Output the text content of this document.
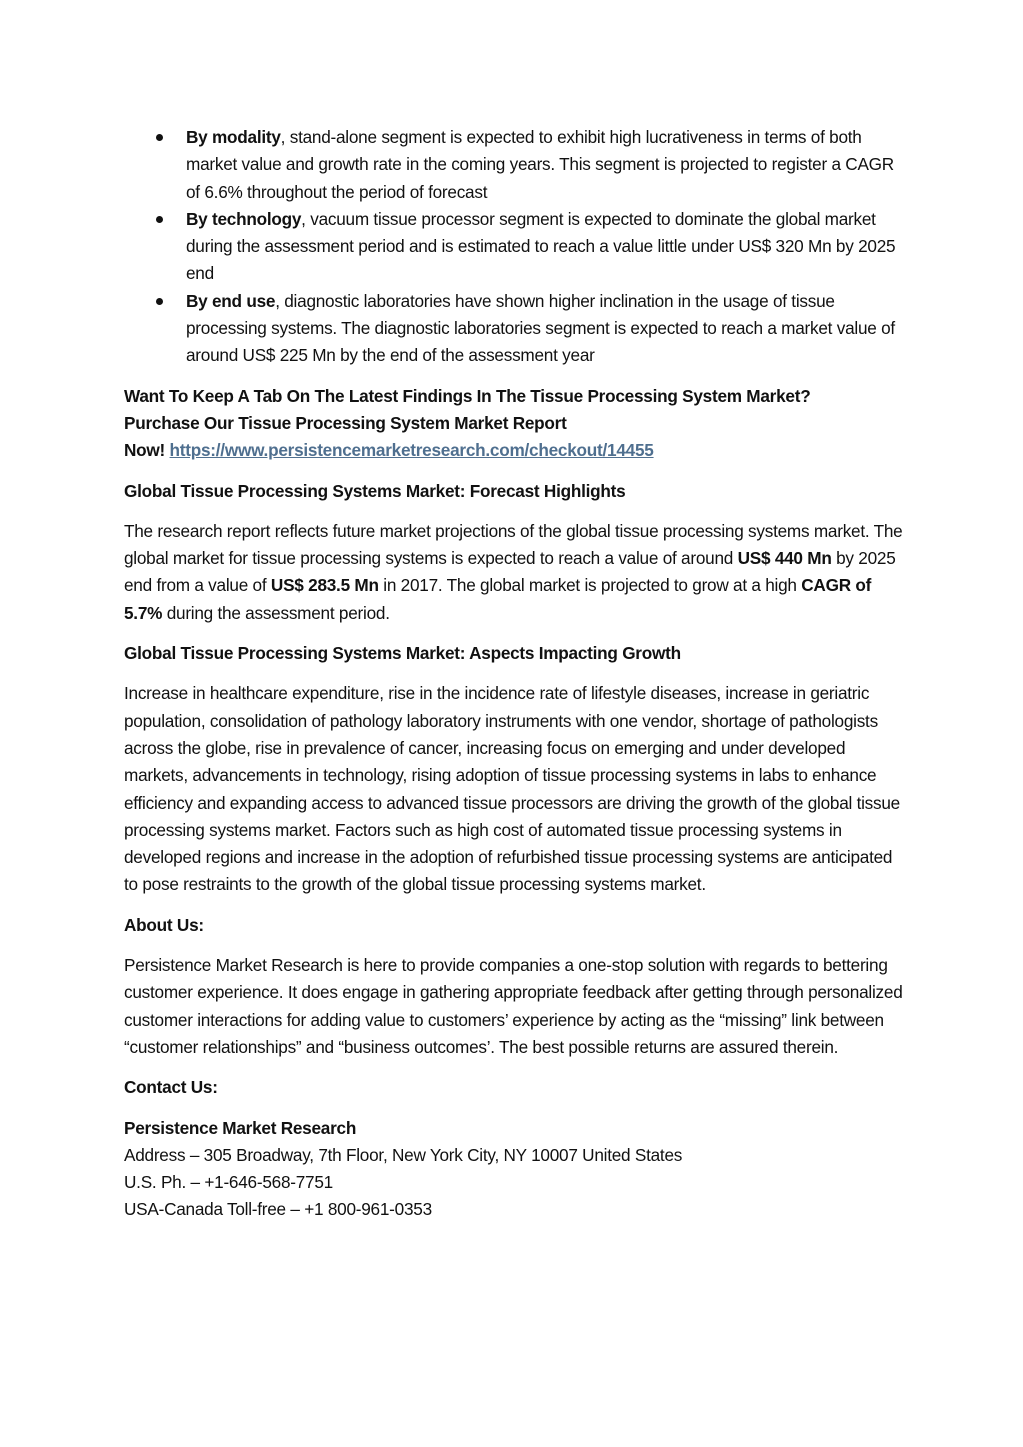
By modality, stand-alone segment is expected to exhibit high lucrativeness in terms of both market value and growth rate in the coming years. This segment is projected to register a CAGR of 6.6% throughout the period of forecast
By technology, vacuum tissue processor segment is expected to dominate the global market during the assessment period and is estimated to reach a value little under US$ 320 Mn by 2025 end
By end use, diagnostic laboratories have shown higher inclination in the usage of tissue processing systems. The diagnostic laboratories segment is expected to reach a market value of around US$ 225 Mn by the end of the assessment year

Want To Keep A Tab On The Latest Findings In The Tissue Processing System Market?
Purchase Our Tissue Processing System Market Report
Now! https://www.persistencemarketresearch.com/checkout/14455

Global Tissue Processing Systems Market: Forecast Highlights

The research report reflects future market projections of the global tissue processing systems market. The global market for tissue processing systems is expected to reach a value of around US$ 440 Mn by 2025 end from a value of US$ 283.5 Mn in 2017. The global market is projected to grow at a high CAGR of 5.7% during the assessment period.

Global Tissue Processing Systems Market: Aspects Impacting Growth

Increase in healthcare expenditure, rise in the incidence rate of lifestyle diseases, increase in geriatric population, consolidation of pathology laboratory instruments with one vendor, shortage of pathologists across the globe, rise in prevalence of cancer, increasing focus on emerging and under developed markets, advancements in technology, rising adoption of tissue processing systems in labs to enhance efficiency and expanding access to advanced tissue processors are driving the growth of the global tissue processing systems market. Factors such as high cost of automated tissue processing systems in developed regions and increase in the adoption of refurbished tissue processing systems are anticipated to pose restraints to the growth of the global tissue processing systems market.

About Us:

Persistence Market Research is here to provide companies a one-stop solution with regards to bettering customer experience. It does engage in gathering appropriate feedback after getting through personalized customer interactions for adding value to customers’ experience by acting as the “missing” link between “customer relationships” and “business outcomes’. The best possible returns are assured therein.

Contact Us:

Persistence Market Research
Address – 305 Broadway, 7th Floor, New York City, NY 10007 United States
U.S. Ph. – +1-646-568-7751
USA-Canada Toll-free – +1 800-961-0353
